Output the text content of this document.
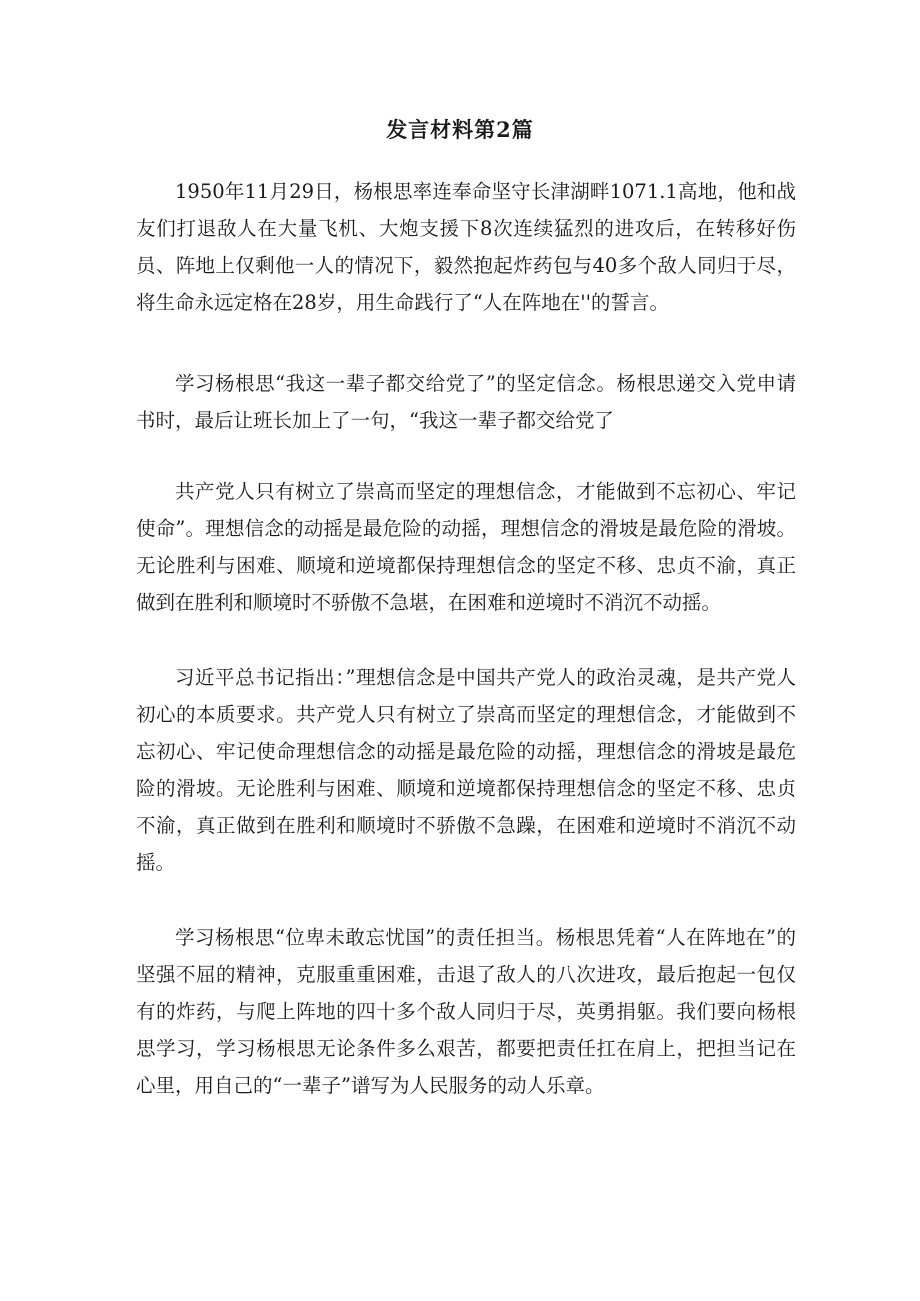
发言材料第2篇

1950年11月29日，杨根思率连奉命坚守长津湖畔1071.1高地，他和战友们打退敌人在大量飞机、大炮支援下8次连续猛烈的进攻后，在转移好伤员、阵地上仅剩他一人的情况下，毅然抱起炸药包与40多个敌人同归于尽，将生命永远定格在28岁，用生命践行了“人在阵地在''的誓言。

学习杨根思“我这一辈子都交给党了”的坚定信念。杨根思递交入党申请书时，最后让班长加上了一句，“我这一辈子都交给党了

共产党人只有树立了崇高而坚定的理想信念，才能做到不忘初心、牢记使命”。理想信念的动摇是最危险的动摇，理想信念的滑坡是最危险的滑坡。无论胜利与困难、顺境和逆境都保持理想信念的坚定不移、忠贞不渝，真正做到在胜利和顺境时不骄傲不急堪，在困难和逆境时不消沉不动摇。

习近平总书记指出：”理想信念是中国共产党人的政治灵魂，是共产党人初心的本质要求。共产党人只有树立了崇高而坚定的理想信念，才能做到不忘初心、牢记使命理想信念的动摇是最危险的动摇，理想信念的滑坡是最危险的滑坡。无论胜利与困难、顺境和逆境都保持理想信念的坚定不移、忠贞不渝，真正做到在胜利和顺境时不骄傲不急躁，在困难和逆境时不消沉不动摇。

学习杨根思“位卑未敢忘忧国”的责任担当。杨根思凭着“人在阵地在”的坚强不屈的精神，克服重重困难，击退了敌人的八次进攻，最后抱起一包仅有的炸药，与爬上阵地的四十多个敌人同归于尽，英勇捐躯。我们要向杨根思学习，学习杨根思无论条件多么艰苦，都要把责任扛在肩上，把担当记在心里，用自己的“一辈子”谱写为人民服务的动人乐章。
